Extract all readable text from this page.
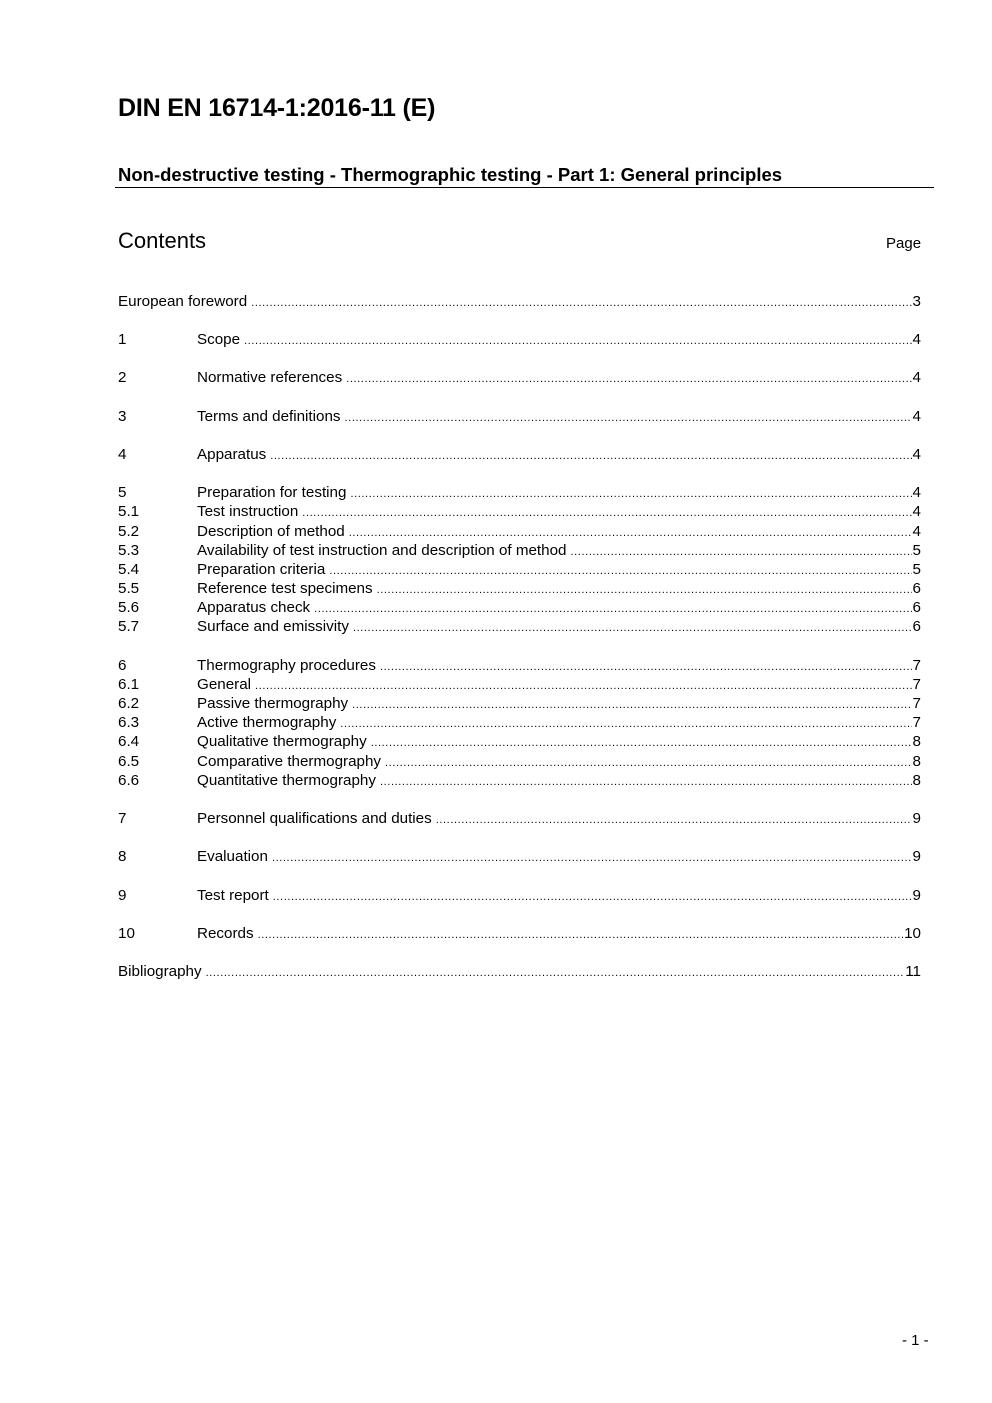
DIN EN 16714-1:2016-11 (E)
Non-destructive testing - Thermographic testing - Part 1: General principles
Contents	Page
European foreword .....	3
1	Scope .....	4
2	Normative references .....	4
3	Terms and definitions .....	4
4	Apparatus .....	4
5	Preparation for testing .....	4
5.1	Test instruction .....	4
5.2	Description of method .....	4
5.3	Availability of test instruction and description of method .....	5
5.4	Preparation criteria .....	5
5.5	Reference test specimens .....	6
5.6	Apparatus check .....	6
5.7	Surface and emissivity .....	6
6	Thermography procedures .....	7
6.1	General .....	7
6.2	Passive thermography .....	7
6.3	Active thermography .....	7
6.4	Qualitative thermography .....	8
6.5	Comparative thermography .....	8
6.6	Quantitative thermography .....	8
7	Personnel qualifications and duties .....	9
8	Evaluation .....	9
9	Test report .....	9
10	Records .....	10
Bibliography .....	11
- 1 -
